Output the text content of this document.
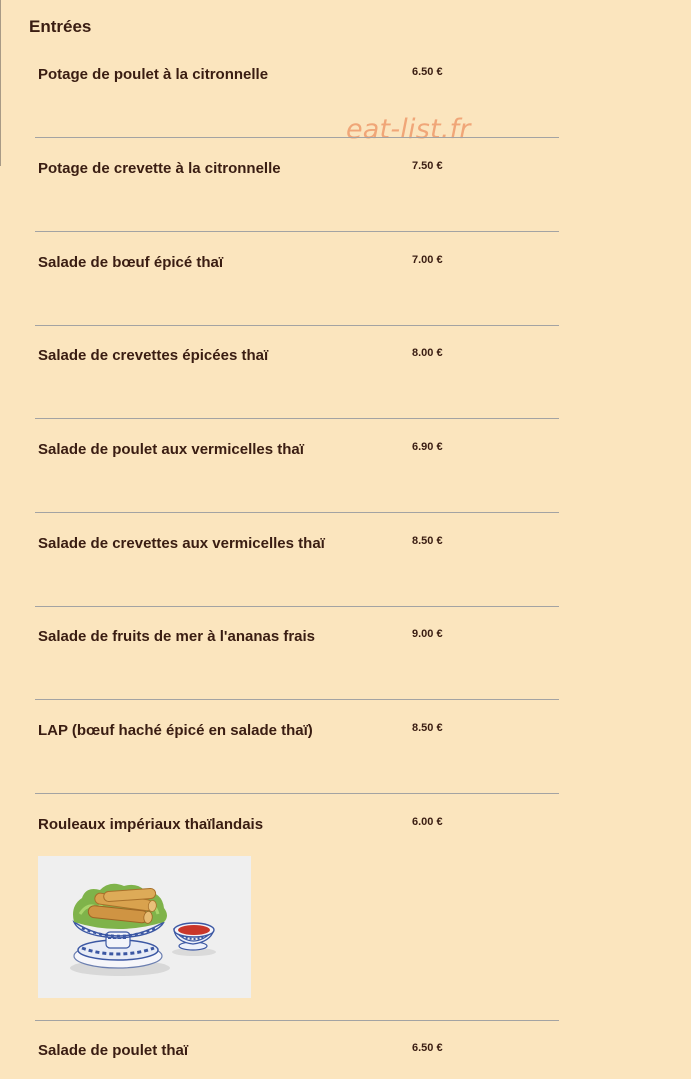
Entrées
eat-list.fr
Potage de poulet à la citronnelle	6.50 €
Potage de crevette à la citronnelle	7.50 €
Salade de bœuf épicé thaï	7.00 €
Salade de crevettes épicées thaï	8.00 €
Salade de poulet aux vermicelles thaï	6.90 €
Salade de crevettes aux vermicelles thaï	8.50 €
Salade de fruits de mer à l'ananas frais	9.00 €
LAP (bœuf haché épicé en salade thaï)	8.50 €
Rouleaux impériaux thaïlandais	6.00 €
Salade de poulet thaï	6.50 €
